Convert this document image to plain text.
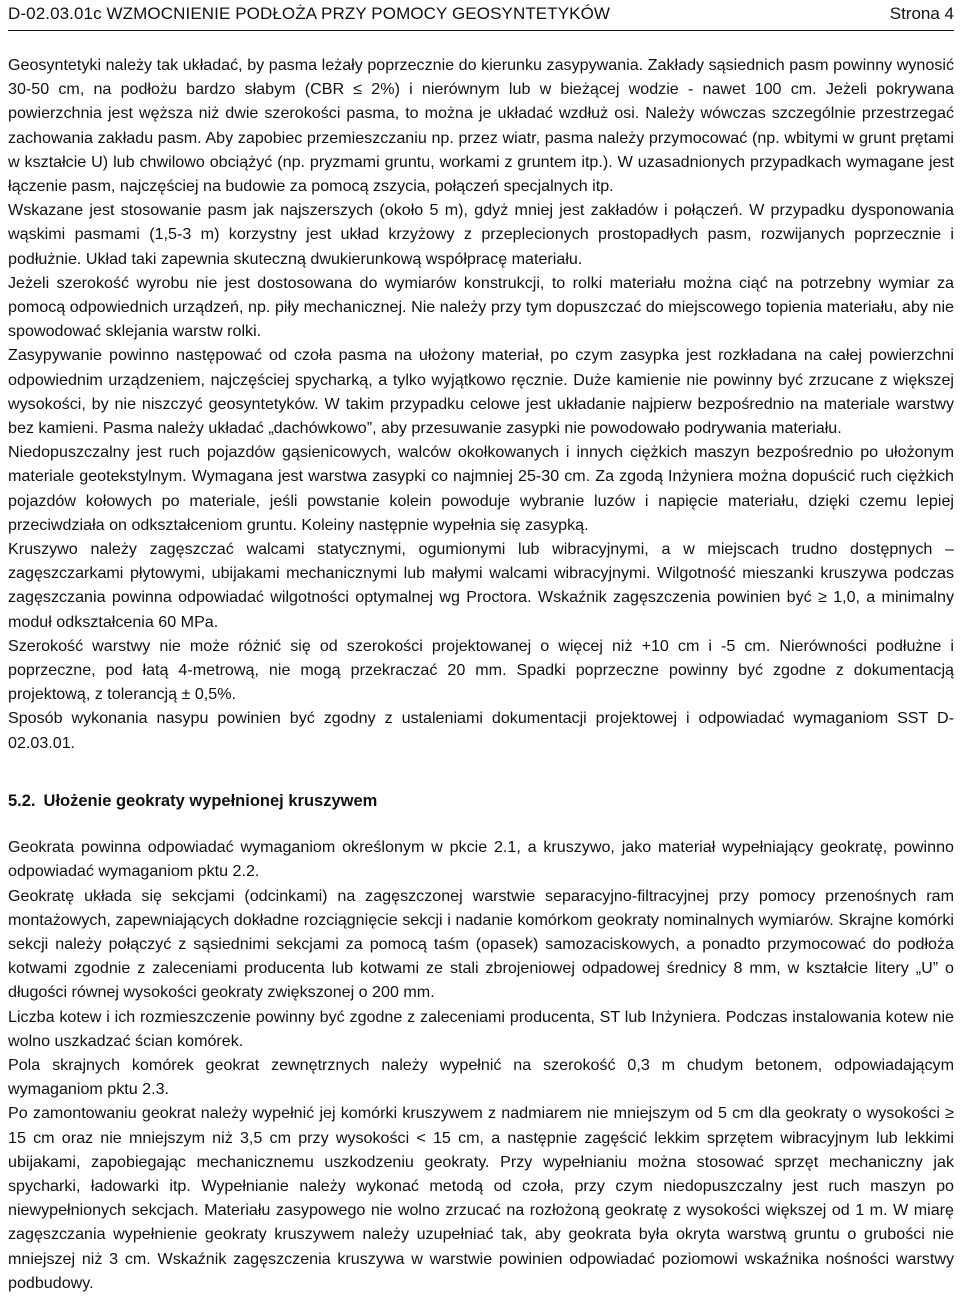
D-02.03.01c WZMOCNIENIE PODŁOŻA PRZY POMOCY GEOSYNTETYKÓW	Strona 4

Geosyntetyki należy tak układać, by pasma leżały poprzecznie do kierunku zasypywania. Zakłady sąsiednich pasm powinny wynosić 30-50 cm, na podłożu bardzo słabym (CBR ≤ 2%) i nierównym lub w bieżącej wodzie - nawet 100 cm. Jeżeli pokrywana powierzchnia jest węższa niż dwie szerokości pasma, to można je układać wzdłuż osi. Należy wówczas szczególnie przestrzegać zachowania zakładu pasm. Aby zapobiec przemieszczaniu np. przez wiatr, pasma należy przymocować (np. wbitymi w grunt prętami w kształcie U) lub chwilowo obciążyć (np. pryzmami gruntu, workami z gruntem itp.). W uzasadnionych przypadkach wymagane jest łączenie pasm, najczęściej na budowie za pomocą zszycia, połączeń specjalnych itp.

Wskazane jest stosowanie pasm jak najszerszych (około 5 m), gdyż mniej jest zakładów i połączeń. W przypadku dysponowania wąskimi pasmami (1,5-3 m) korzystny jest układ krzyżowy z przeplecionych prostopadłych pasm, rozwijanych poprzecznie i podłużnie. Układ taki zapewnia skuteczną dwukierunkową współpracę materiału.

Jeżeli szerokość wyrobu nie jest dostosowana do wymiarów konstrukcji, to rolki materiału można ciąć na potrzebny wymiar za pomocą odpowiednich urządzeń, np. piły mechanicznej. Nie należy przy tym dopuszczać do miejscowego topienia materiału, aby nie spowodować sklejania warstw rolki.

Zasypywanie powinno następować od czoła pasma na ułożony materiał, po czym zasypka jest rozkładana na całej powierzchni odpowiednim urządzeniem, najczęściej spycharką, a tylko wyjątkowo ręcznie. Duże kamienie nie powinny być zrzucane z większej wysokości, by nie niszczyć geosyntetyków. W takim przypadku celowe jest układanie najpierw bezpośrednio na materiale warstwy bez kamieni. Pasma należy układać „dachówkowo”, aby przesuwanie zasypki nie powodowało podrywania materiału.

Niedopuszczalny jest ruch pojazdów gąsienicowych, walców okołkowanych i innych ciężkich maszyn bezpośrednio po ułożonym materiale geotekstylnym. Wymagana jest warstwa zasypki co najmniej 25-30 cm. Za zgodą Inżyniera można dopuścić ruch ciężkich pojazdów kołowych po materiale, jeśli powstanie kolein powoduje wybranie luzów i napięcie materiału, dzięki czemu lepiej przeciwdziała on odkształceniom gruntu. Koleiny następnie wypełnia się zasypką.

Kruszywo należy zagęszczać walcami statycznymi, ogumionymi lub wibracyjnymi, a w miejscach trudno dostępnych – zagęszczarkami płytowymi, ubijakami mechanicznymi lub małymi walcami wibracyjnymi. Wilgotność mieszanki kruszywa podczas zagęszczania powinna odpowiadać wilgotności optymalnej wg Proctora. Wskaźnik zagęszczenia powinien być ≥ 1,0, a minimalny moduł odkształcenia 60 MPa.

Szerokość warstwy nie może różnić się od szerokości projektowanej o więcej niż +10 cm i -5 cm. Nierówności podłużne i poprzeczne, pod łatą 4-metrową, nie mogą przekraczać 20 mm. Spadki poprzeczne powinny być zgodne z dokumentacją projektową, z tolerancją ± 0,5%.

Sposób wykonania nasypu powinien być zgodny z ustaleniami dokumentacji projektowej i odpowiadać wymaganiom SST D-02.03.01.

5.2. Ułożenie geokraty wypełnionej kruszywem

Geokrata powinna odpowiadać wymaganiom określonym w pkcie 2.1, a kruszywo, jako materiał wypełniający geokratę, powinno odpowiadać wymaganiom pktu 2.2.

Geokratę układa się sekcjami (odcinkami) na zagęszczonej warstwie separacyjno-filtracyjnej przy pomocy przenośnych ram montażowych, zapewniających dokładne rozciągnięcie sekcji i nadanie komórkom geokraty nominalnych wymiarów. Skrajne komórki sekcji należy połączyć z sąsiednimi sekcjami za pomocą taśm (opasek) samozaciskowych, a ponadto przymocować do podłoża kotwami zgodnie z zaleceniami producenta lub kotwami ze stali zbrojeniowej odpadowej średnicy 8 mm, w kształcie litery „U” o długości równej wysokości geokraty zwiększonej o 200 mm.

Liczba kotew i ich rozmieszczenie powinny być zgodne z zaleceniami producenta, ST lub Inżyniera. Podczas instalowania kotew nie wolno uszkadzać ścian komórek.

Pola skrajnych komórek geokrat zewnętrznych należy wypełnić na szerokość 0,3 m chudym betonem, odpowiadającym wymaganiom pktu 2.3.

Po zamontowaniu geokrat należy wypełnić jej komórki kruszywem z nadmiarem nie mniejszym od 5 cm dla geokraty o wysokości ≥ 15 cm oraz nie mniejszym niż 3,5 cm przy wysokości < 15 cm, a następnie zagęścić lekkim sprzętem wibracyjnym lub lekkimi ubijakami, zapobiegając mechanicznemu uszkodzeniu geokraty. Przy wypełnianiu można stosować sprzęt mechaniczny jak spycharki, ładowarki itp. Wypełnianie należy wykonać metodą od czoła, przy czym niedopuszczalny jest ruch maszyn po niewypełnionych sekcjach. Materiału zasypowego nie wolno zrzucać na rozłożoną geokratę z wysokości większej od 1 m. W miarę zagęszczania wypełnienie geokraty kruszywem należy uzupełniać tak, aby geokrata była okryta warstwą gruntu o grubości nie mniejszej niż 3 cm. Wskaźnik zagęszczenia kruszywa w warstwie powinien odpowiadać poziomowi wskaźnika nośności warstwy podbudowy.
